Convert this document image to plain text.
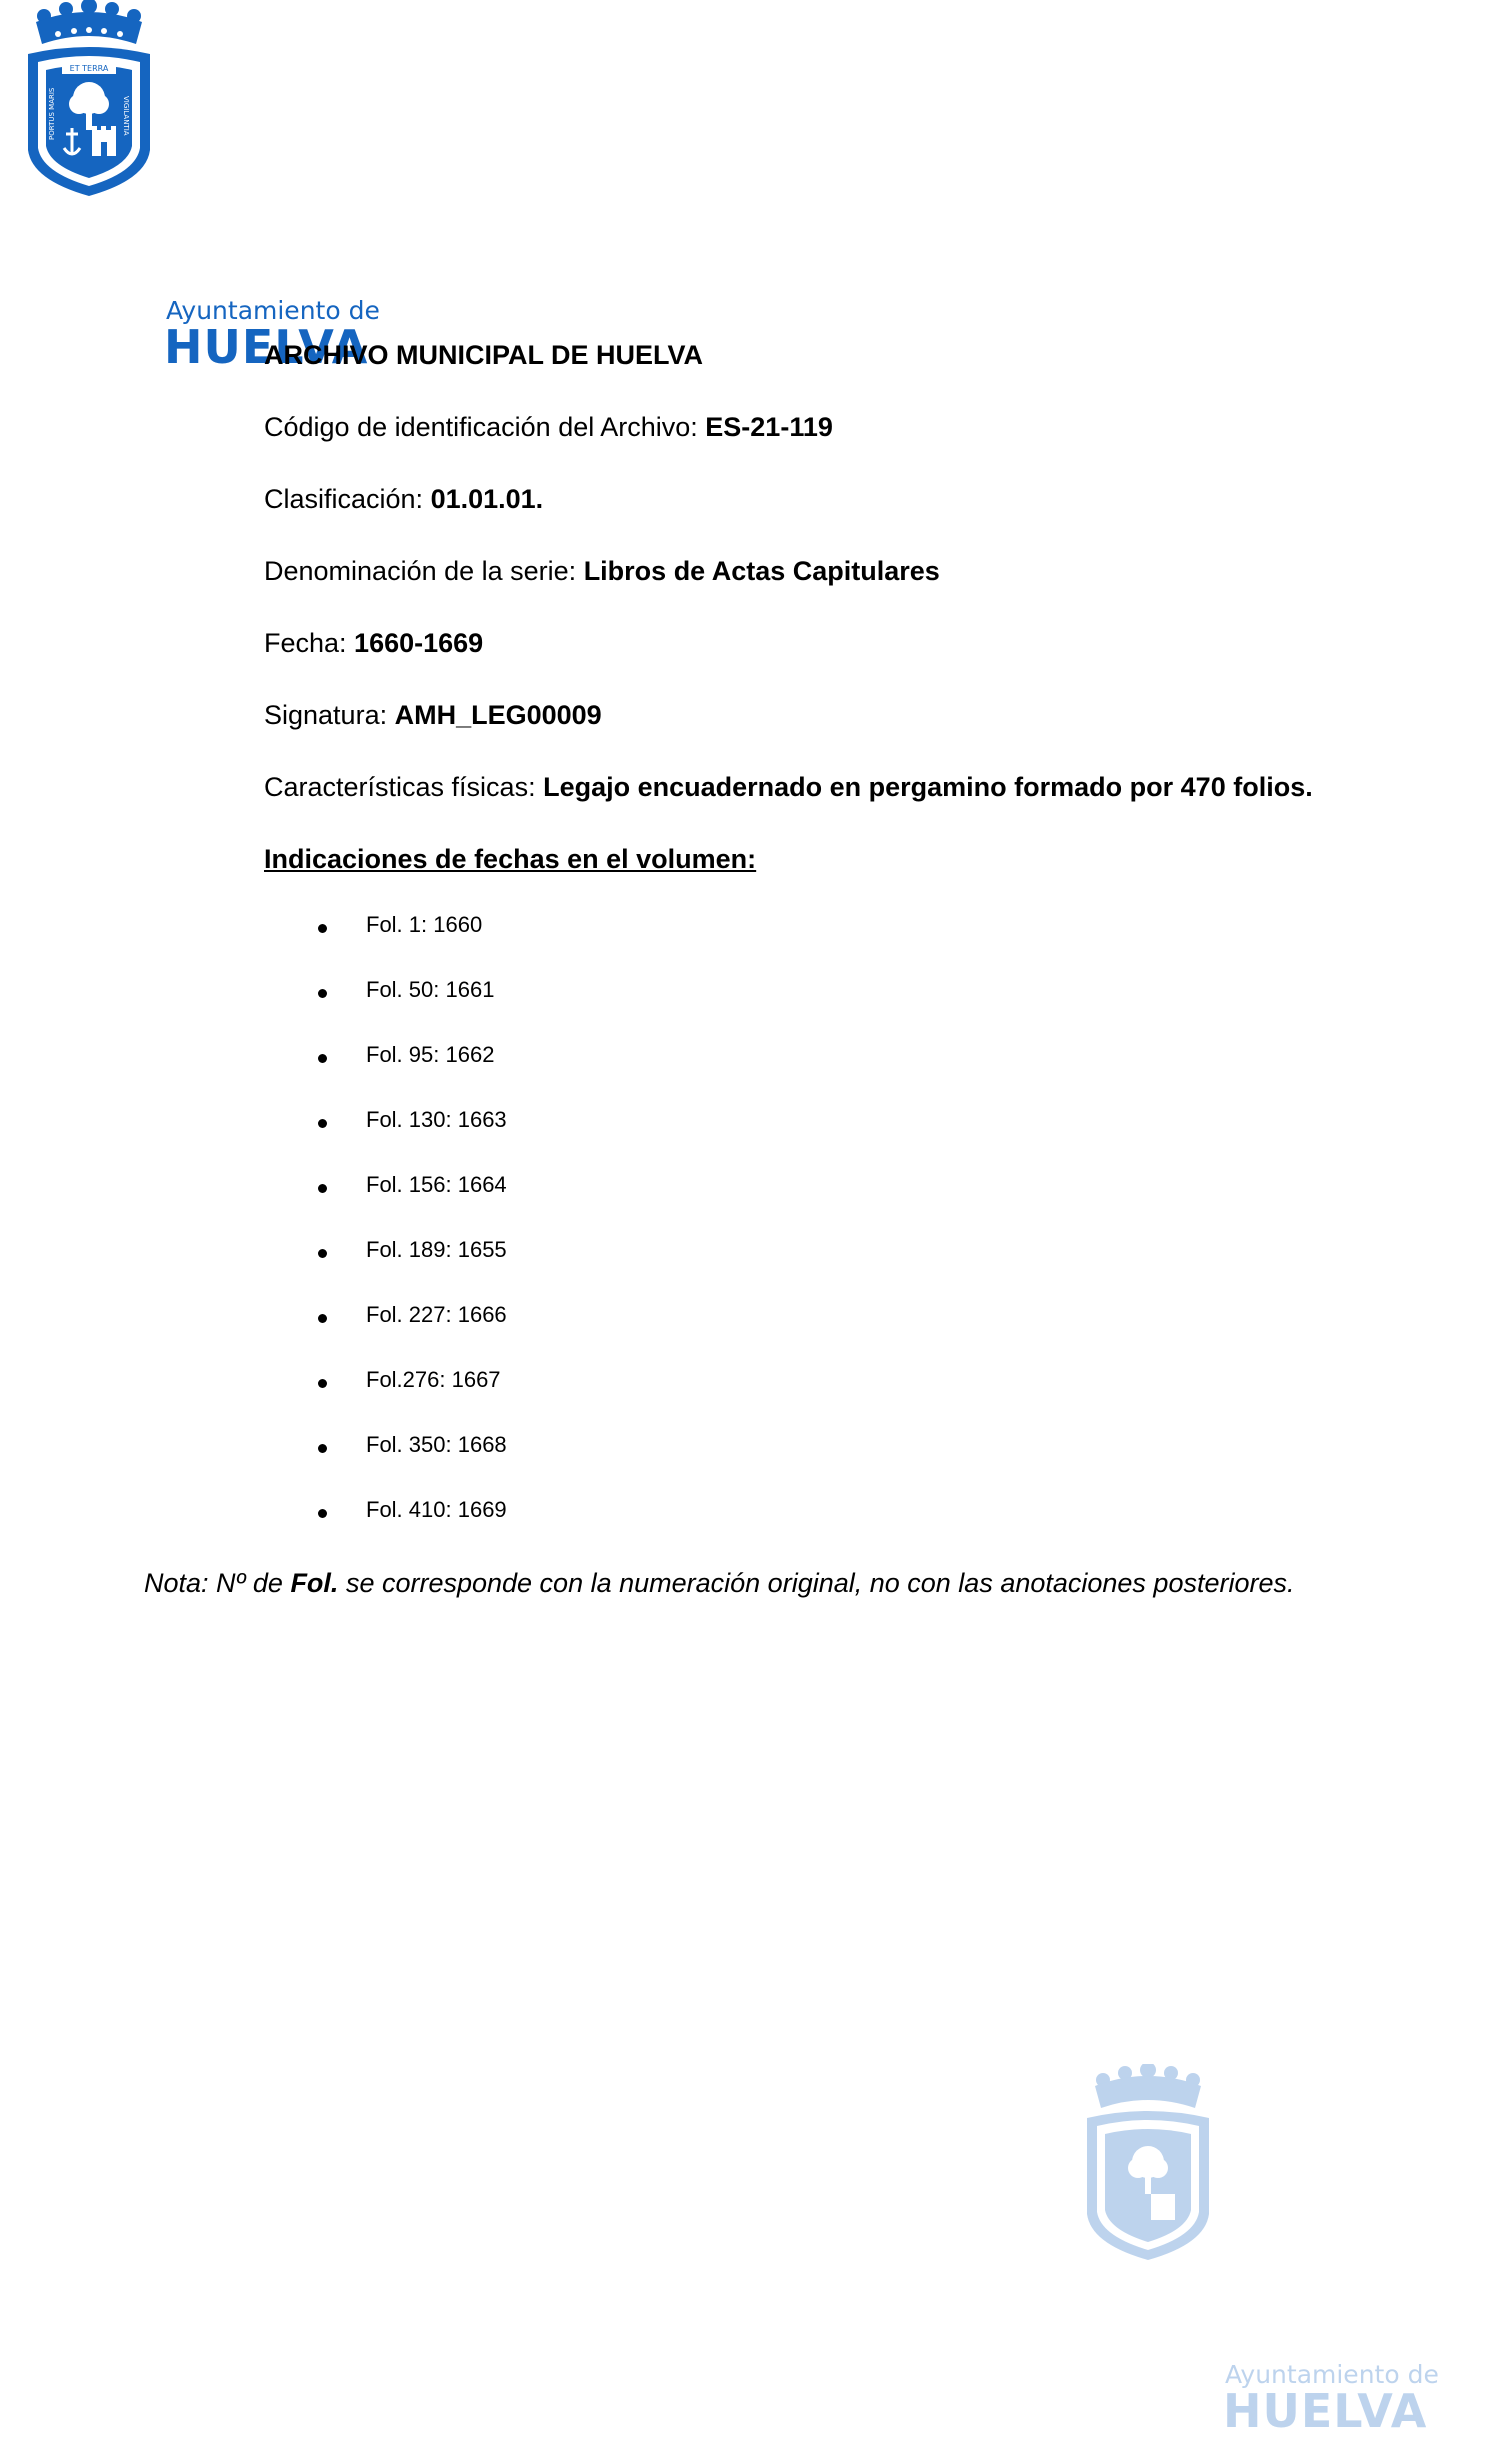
ET TERRA
PORTUS MARIS	VIGILANTIA
Ayuntamiento de
HUELVA
ARCHIVO MUNICIPAL DE HUELVA
Código de identificación del Archivo: ES-21-119
Clasificación: 01.01.01.
Denominación de la serie: Libros de Actas Capitulares
Fecha: 1660-1669
Signatura: AMH_LEG00009
Características físicas: Legajo encuadernado en pergamino formado por 470 folios.
Indicaciones de fechas en el volumen:
Fol. 1: 1660
Fol. 50: 1661
Fol. 95: 1662
Fol. 130: 1663
Fol. 156: 1664
Fol. 189: 1655
Fol. 227: 1666
Fol.276: 1667
Fol. 350: 1668
Fol. 410: 1669
Nota: Nº de Fol. se corresponde con la numeración original, no con las anotaciones posteriores.
Ayuntamiento de
HUELVA
